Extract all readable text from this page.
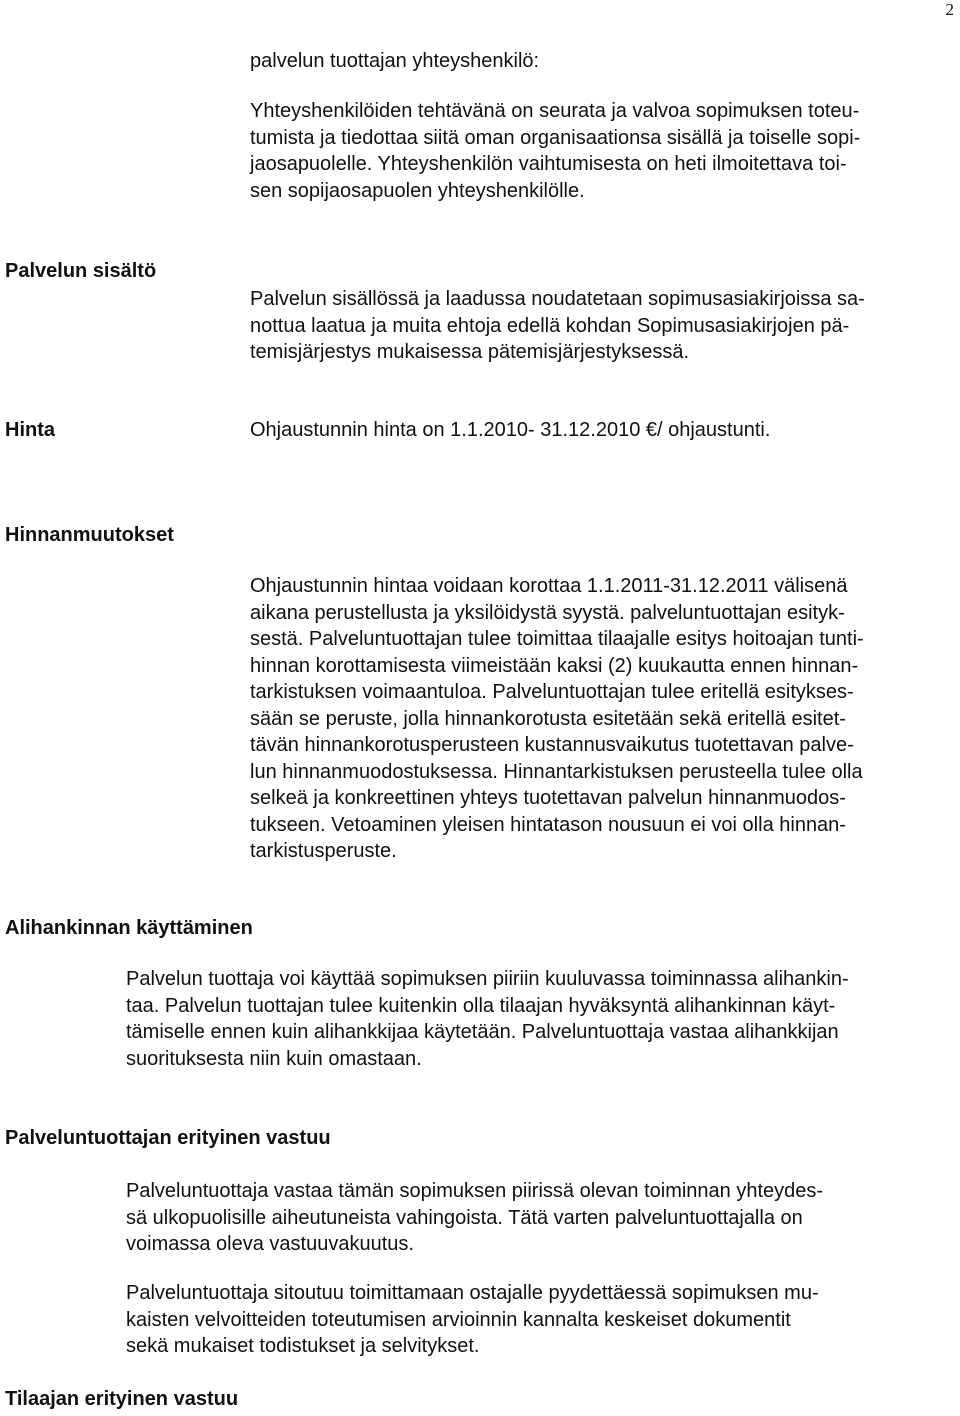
2
palvelun tuottajan yhteyshenkilö:
Yhteyshenkilöiden tehtävänä on seurata ja valvoa sopimuksen toteu-
tumista ja tiedottaa siitä oman organisaationsa sisällä ja toiselle sopi-
jaosapuolelle. Yhteyshenkilön vaihtumisesta on heti ilmoitettava toi-
sen sopijaosapuolen yhteyshenkilölle.
Palvelun sisältö
Palvelun sisällössä ja laadussa noudatetaan sopimusasiakirjoissa sa-
nottua laatua ja muita ehtoja edellä kohdan Sopimusasiakirjojen pä-
temisjärjestys mukaisessa pätemisjärjestyksessä.
Hinta	Ohjaustunnin hinta on 1.1.2010- 31.12.2010 €/ ohjaustunti.
Hinnanmuutokset
Ohjaustunnin hintaa voidaan korottaa 1.1.2011-31.12.2011 välisenä
aikana perustellusta ja yksilöidystä syystä. palveluntuottajan esityk-
sestä. Palveluntuottajan tulee toimittaa tilaajalle esitys hoitoajan tunti-
hinnan korottamisesta viimeistään kaksi (2) kuukautta ennen hinnan-
tarkistuksen voimaantuloa. Palveluntuottajan tulee eritellä esitykses-
sään se peruste, jolla hinnankorotusta esitetään sekä eritellä esitet-
tävän hinnankorotusperusteen kustannusvaikutus tuotettavan palve-
lun hinnanmuodostuksessa. Hinnantarkistuksen perusteella tulee olla
selkeä ja konkreettinen yhteys tuotettavan palvelun hinnanmuodos-
tukseen. Vetoaminen yleisen hintatason nousuun ei voi olla hinnan-
tarkistusperuste.
Alihankinnan käyttäminen
Palvelun tuottaja voi käyttää sopimuksen piiriin kuuluvassa toiminnassa alihankin-
taa. Palvelun tuottajan tulee kuitenkin olla tilaajan hyväksyntä alihankinnan käyt-
tämiselle ennen kuin alihankkijaa käytetään. Palveluntuottaja vastaa alihankkijan
suorituksesta niin kuin omastaan.
Palveluntuottajan erityinen vastuu
Palveluntuottaja vastaa tämän sopimuksen piirissä olevan toiminnan yhteydes-
sä ulkopuolisille aiheutuneista vahingoista. Tätä varten palveluntuottajalla on
voimassa oleva vastuuvakuutus.
Palveluntuottaja sitoutuu toimittamaan ostajalle pyydettäessä sopimuksen mu-
kaisten velvoitteiden toteutumisen arvioinnin kannalta keskeiset dokumentit
sekä mukaiset todistukset ja selvitykset.
Tilaajan erityinen vastuu
